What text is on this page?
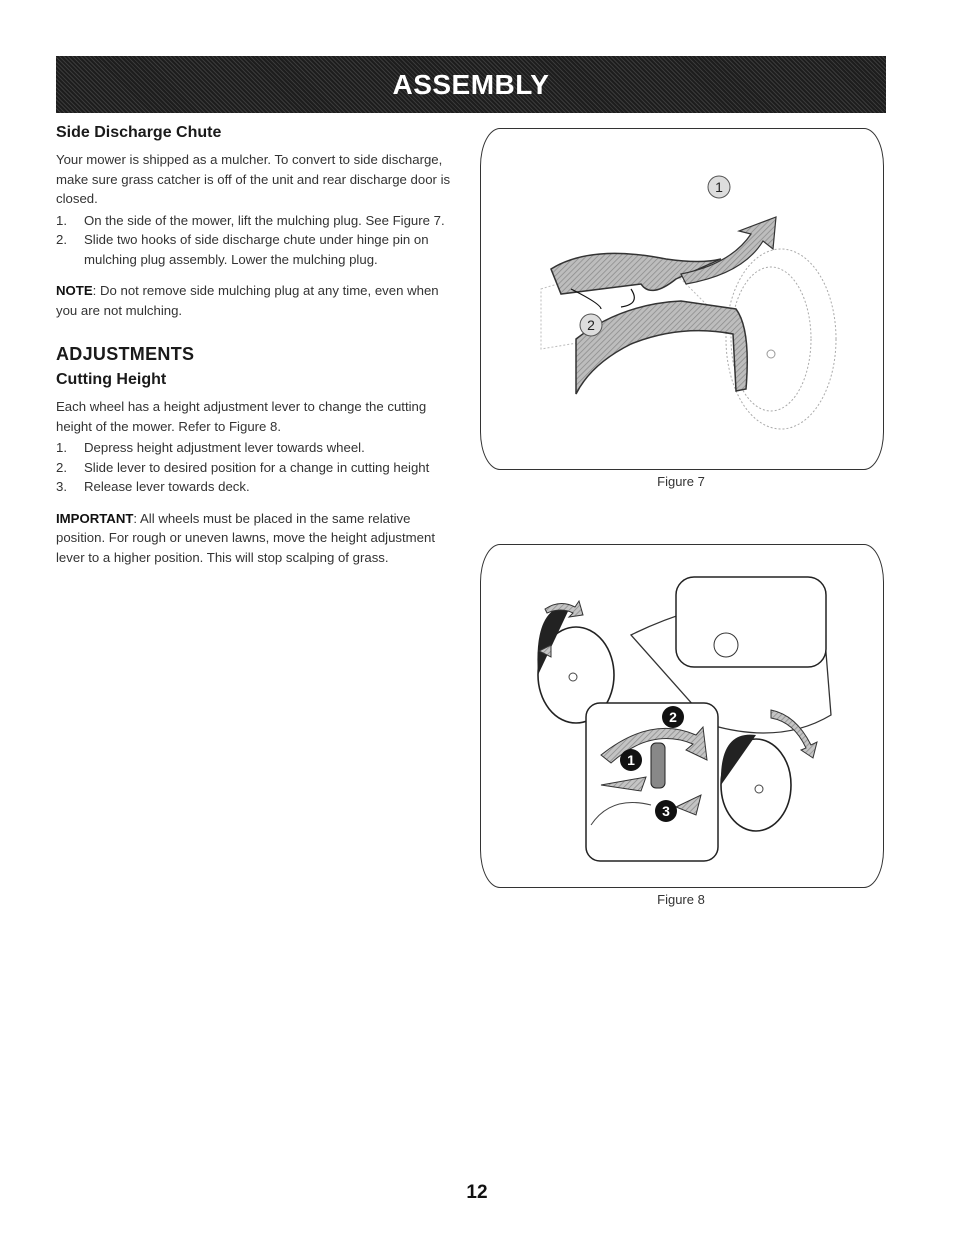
ASSEMBLY
Side Discharge Chute

Your mower is shipped as a mulcher. To convert to side discharge, make sure grass catcher is off of the unit and rear discharge door is closed.

1. On the side of the mower, lift the mulching plug. See Figure 7.
2. Slide two hooks of side discharge chute under hinge pin on mulching plug assembly. Lower the mulching plug.

NOTE: Do not remove side mulching plug at any time, even when you are not mulching.

ADJUSTMENTS
Cutting Height

Each wheel has a height adjustment lever to change the cutting height of the mower. Refer to Figure 8.

1. Depress height adjustment lever towards wheel.
2. Slide lever to desired position for a change in cutting height
3. Release lever towards deck.

IMPORTANT: All wheels must be placed in the same relative position. For rough or uneven lawns, move the height adjustment lever to a higher position. This will stop scalping of grass.

1
2
Figure 7
2
1
3
Figure 8
12
